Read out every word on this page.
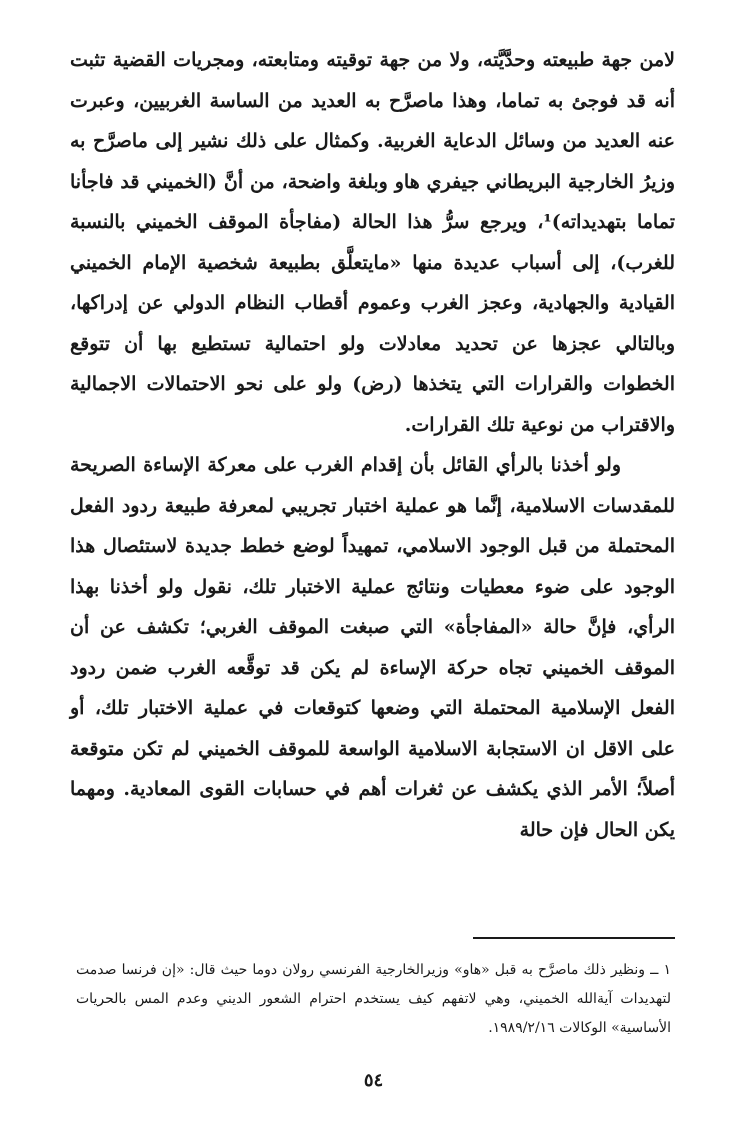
لامن جهة طبيعته وحدَّيَّته، ولا من جهة توقيته ومتابعته، ومجريات القضية تثبت أنه قد فوجئ به تماما، وهذا ماصرَّح به العديد من الساسة الغربيين، وعبرت عنه العديد من وسائل الدعاية الغربية. وكمثال على ذلك نشير إلى ماصرَّح به وزيرُ الخارجية البريطاني جيفري هاو وبلغة واضحة، من أنَّ (الخميني قد فاجأنا تماما بتهديداته)¹، ويرجع سرُّ هذا الحالة (مفاجأة الموقف الخميني بالنسبة للغرب)، إلى أسباب عديدة منها «مايتعلَّق بطبيعة شخصية الإمام الخميني القيادية والجهادية، وعجز الغرب وعموم أقطاب النظام الدولي عن إدراكها، وبالتالي عجزها عن تحديد معادلات ولو احتمالية تستطيع بها أن تتوقع الخطوات والقرارات التي يتخذها (رض) ولو على نحو الاحتمالات الاجمالية والاقتراب من نوعية تلك القرارات.

ولو أخذنا بالرأي القائل بأن إقدام الغرب على معركة الإساءة الصريحة للمقدسات الاسلامية، إنَّما هو عملية اختبار تجريبي لمعرفة طبيعة ردود الفعل المحتملة من قبل الوجود الاسلامي، تمهيداً لوضع خطط جديدة لاستئصال هذا الوجود على ضوء معطيات ونتائج عملية الاختبار تلك، نقول ولو أخذنا بهذا الرأي، فإنَّ حالة «المفاجأة» التي صبغت الموقف الغربي؛ تكشف عن أن الموقف الخميني تجاه حركة الإساءة لم يكن قد توقَّعه الغرب ضمن ردود الفعل الإسلامية المحتملة التي وضعها كتوقعات في عملية الاختبار تلك، أو على الاقل ان الاستجابة الاسلامية الواسعة للموقف الخميني لم تكن متوقعة أصلاً؛ الأمر الذي يكشف عن ثغرات أهم في حسابات القوى المعادية. ومهما يكن الحال فإن حالة

١ ــ ونظير ذلك ماصرَّح به قبل «هاو» وزيرالخارجية الفرنسي رولان دوما حيث قال: «إن فرنسا صدمت لتهديدات آية‌الله الخميني، وهي لاتفهم كيف يستخدم احترام الشعور الديني وعدم المس بالحريات الأساسية» الوكالات ١٩٨٩/٢/١٦.

٥٤
